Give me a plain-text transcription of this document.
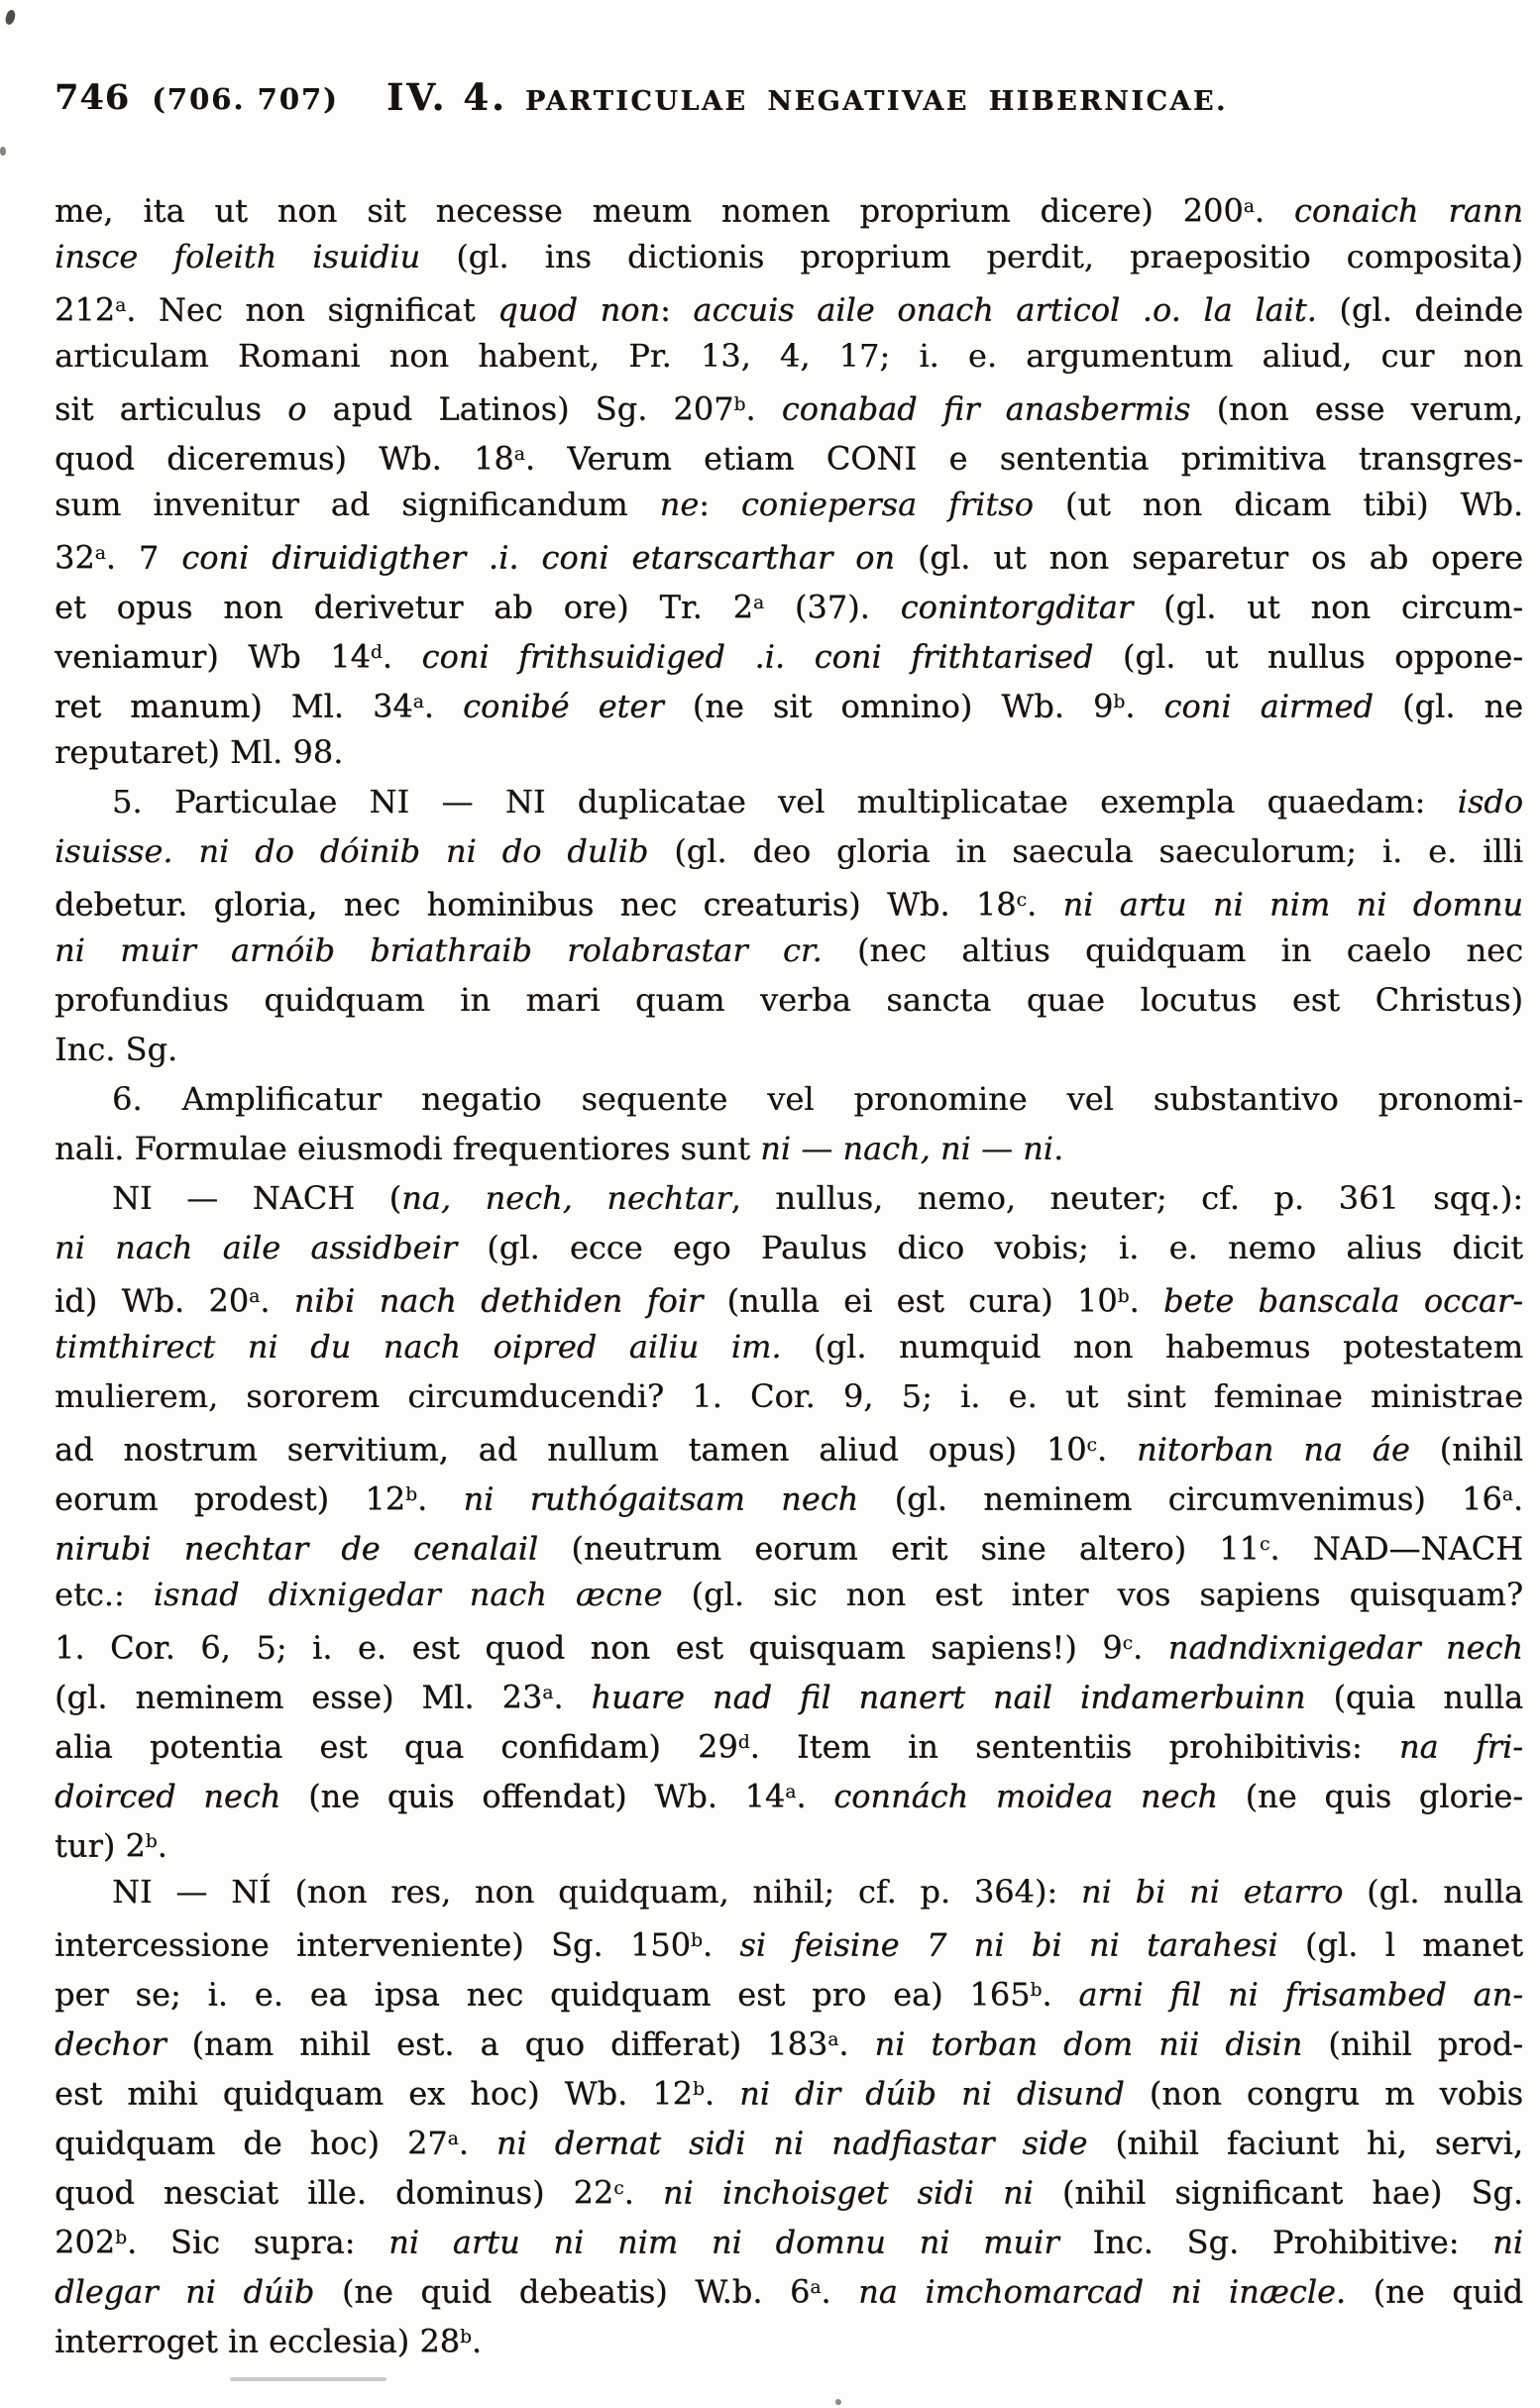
746 (706. 707) IV. 4. PARTICULAE NEGATIVAE HIBERNICAE.
me, ita ut non sit necesse meum nomen proprium dicere) 200$^a$. conaich rann
insce foleith isuidiu (gl. ins dictionis proprium perdit, praepositio composita)
212$^a$. Nec non significat quod non: accuis aile onach articol .o. la lait. (gl. deinde
articulam Romani non habent, Pr. 13, 4, 17; i. e. argumentum aliud, cur non
sit articulus o apud Latinos) Sg. 207$^b$. conabad fir anasbermis (non esse verum,
quod diceremus) Wb. 18$^a$. Verum etiam CONI e sententia primitiva transgres-
sum invenitur ad significandum ne: coniepersa fritso (ut non dicam tibi) Wb.
32$^a$. 7 coni diruidigther .i. coni etarscarthar on (gl. ut non separetur os ab opere
et opus non derivetur ab ore) Tr. 2$^a$ (37). conintorgditar (gl. ut non circum-
veniamur) Wb 14$^d$. coni frithsuidiged .i. coni frithtarised (gl. ut nullus oppone-
ret manum) Ml. 34$^a$. conibé eter (ne sit omnino) Wb. 9$^b$. coni airmed (gl. ne
reputaret) Ml. 98.
5. Particulae NI — NI duplicatae vel multiplicatae exempla quaedam: isdo
isuisse. ni do dóinib ni do dulib (gl. deo gloria in saecula saeculorum; i. e. illi
debetur. gloria, nec hominibus nec creaturis) Wb. 18$^c$. ni artu ni nim ni domnu
ni muir arnóib briathraib rolabrastar cr. (nec altius quidquam in caelo nec
profundius quidquam in mari quam verba sancta quae locutus est Christus)
Inc. Sg.
6. Amplificatur negatio sequente vel pronomine vel substantivo pronomi-
nali. Formulae eiusmodi frequentiores sunt ni — nach, ni — ni.
NI — NACH (na, nech, nechtar, nullus, nemo, neuter; cf. p. 361 sqq.):
ni nach aile assidbeir (gl. ecce ego Paulus dico vobis; i. e. nemo alius dicit
id) Wb. 20$^a$. nibi nach dethiden foir (nulla ei est cura) 10$^b$. bete banscala occar-
timthirect ni du nach oipred ailiu im. (gl. numquid non habemus potestatem
mulierem, sororem circumducendi? 1. Cor. 9, 5; i. e. ut sint feminae ministrae
ad nostrum servitium, ad nullum tamen aliud opus) 10$^c$. nitorban na áe (nihil
eorum prodest) 12$^b$. ni ruthógaitsam nech (gl. neminem circumvenimus) 16$^a$.
nirubi nechtar de cenalail (neutrum eorum erit sine altero) 11$^c$. NAD—NACH
etc.: isnad dixnigedar nach æcne (gl. sic non est inter vos sapiens quisquam?
1. Cor. 6, 5; i. e. est quod non est quisquam sapiens!) 9$^c$. nadndixnigedar nech
(gl. neminem esse) Ml. 23$^a$. huare nad fil nanert nail indamerbuinn (quia nulla
alia potentia est qua confidam) 29$^d$. Item in sententiis prohibitivis: na fri-
doirced nech (ne quis offendat) Wb. 14$^a$. connách moidea nech (ne quis glorie-
tur) 2$^b$.
NI — NÍ (non res, non quidquam, nihil; cf. p. 364): ni bi ni etarro (gl. nulla
intercessione interveniente) Sg. 150$^b$. si feisine 7 ni bi ni tarahesi (gl. l manet
per se; i. e. ea ipsa nec quidquam est pro ea) 165$^b$. arni fil ni frisambed an-
dechor (nam nihil est. a quo differat) 183$^a$. ni torban dom nii disin (nihil prod-
est mihi quidquam ex hoc) Wb. 12$^b$. ni dir dúib ni disund (non congru m vobis
quidquam de hoc) 27$^a$. ni dernat sidi ni nadfiastar side (nihil faciunt hi, servi,
quod nesciat ille. dominus) 22$^c$. ni inchoisget sidi ni (nihil significant hae) Sg.
202$^b$. Sic supra: ni artu ni nim ni domnu ni muir Inc. Sg. Prohibitive: ni
dlegar ni dúib (ne quid debeatis) W.b. 6$^a$. na imchomarcad ni inæcle. (ne quid
interroget in ecclesia) 28$^b$.
